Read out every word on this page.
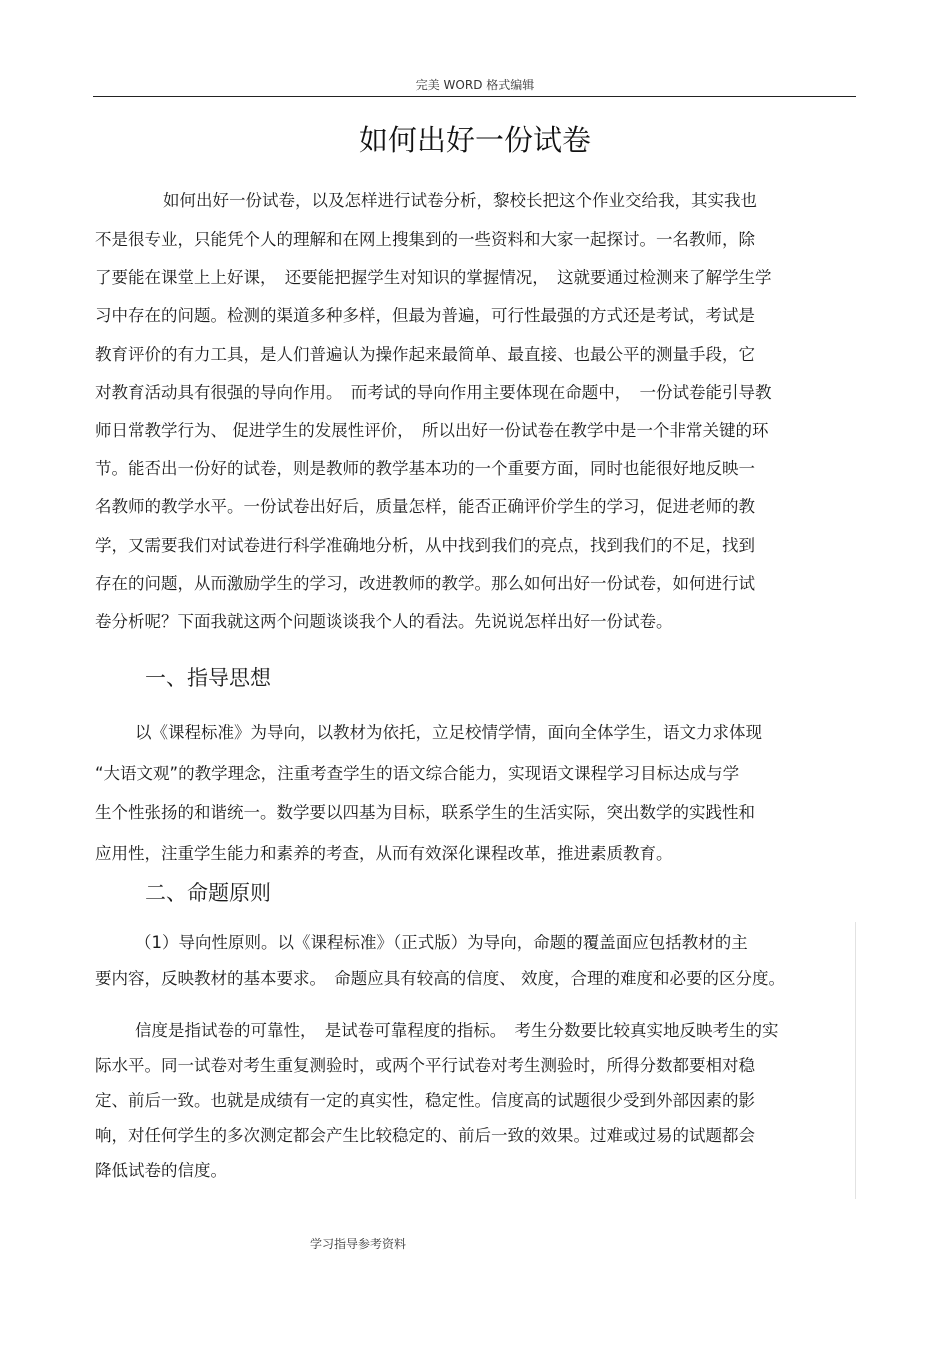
完美 WORD 格式编辑
如何出好一份试卷
如何出好一份试卷，以及怎样进行试卷分析，黎校长把这个作业交给我，其实我也
不是很专业，只能凭个人的理解和在网上搜集到的一些资料和大家一起探讨。一名教师，除
了要能在课堂上上好课，　还要能把握学生对知识的掌握情况，　这就要通过检测来了解学生学
习中存在的问题。检测的渠道多种多样，但最为普遍，可行性最强的方式还是考试，考试是
教育评价的有力工具，是人们普遍认为操作起来最简单、最直接、也最公平的测量手段，它
对教育活动具有很强的导向作用。　而考试的导向作用主要体现在命题中，　一份试卷能引导教
师日常教学行为、 促进学生的发展性评价，　所以出好一份试卷在教学中是一个非常关键的环
节。能否出一份好的试卷，则是教师的教学基本功的一个重要方面，同时也能很好地反映一
名教师的教学水平。一份试卷出好后，质量怎样，能否正确评价学生的学习，促进老师的教
学，又需要我们对试卷进行科学准确地分析，从中找到我们的亮点，找到我们的不足，找到
存在的问题，从而激励学生的学习，改进教师的教学。那么如何出好一份试卷，如何进行试
卷分析呢？下面我就这两个问题谈谈我个人的看法。先说说怎样出好一份试卷。
一、指导思想
以《课程标准》为导向，以教材为依托，立足校情学情，面向全体学生，语文力求体现
“大语文观”的教学理念，注重考查学生的语文综合能力，实现语文课程学习目标达成与学
生个性张扬的和谐统一。数学要以四基为目标，联系学生的生活实际，突出数学的实践性和
应用性，注重学生能力和素养的考查，从而有效深化课程改革，推进素质教育。
二、命题原则
（1）导向性原则。以《课程标准》（正式版）为导向，命题的覆盖面应包括教材的主
要内容，反映教材的基本要求。　命题应具有较高的信度、 效度，合理的难度和必要的区分度。
信度是指试卷的可靠性，　是试卷可靠程度的指标。　考生分数要比较真实地反映考生的实
际水平。同一试卷对考生重复测验时，或两个平行试卷对考生测验时，所得分数都要相对稳
定、前后一致。也就是成绩有一定的真实性，稳定性。信度高的试题很少受到外部因素的影
响，对任何学生的多次测定都会产生比较稳定的、前后一致的效果。过难或过易的试题都会
降低试卷的信度。
学习指导参考资料
